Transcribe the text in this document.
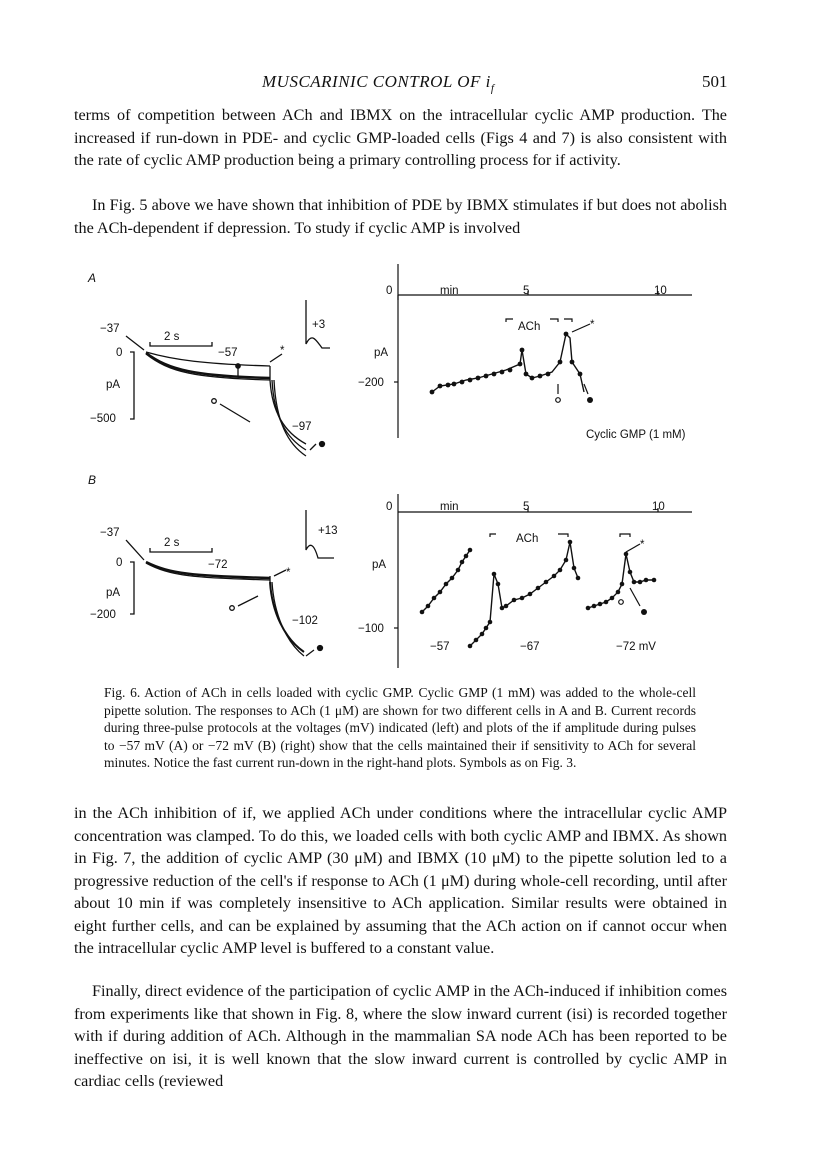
MUSCARINIC CONTROL OF $i_f$	501

terms of competition between ACh and IBMX on the intracellular cyclic AMP production. The increased if run-down in PDE- and cyclic GMP-loaded cells (Figs 4 and 7) is also consistent with the rate of cyclic AMP production being a primary controlling process for if activity.

In Fig. 5 above we have shown that inhibition of PDE by IBMX stimulates if but does not abolish the ACh-dependent if depression. To study if cyclic AMP is involved

A
−37
2 s
−57
0
pA
−500
+3
−97
*
0	min	5	10
pA
−200
ACh	*
Cyclic GMP (1 mM)
B
−37
2 s
−72
0
pA
−200
+13
−102
*
0	min	5	10
pA
−100
ACh	*
−57	−67	−72 mV

Fig. 6. Action of ACh in cells loaded with cyclic GMP. Cyclic GMP (1 mM) was added to the whole-cell pipette solution. The responses to ACh (1 μM) are shown for two different cells in A and B. Current records during three-pulse protocols at the voltages (mV) indicated (left) and plots of the if amplitude during pulses to −57 mV (A) or −72 mV (B) (right) show that the cells maintained their if sensitivity to ACh for several minutes. Notice the fast current run-down in the right-hand plots. Symbols as on Fig. 3.

in the ACh inhibition of if, we applied ACh under conditions where the intracellular cyclic AMP concentration was clamped. To do this, we loaded cells with both cyclic AMP and IBMX. As shown in Fig. 7, the addition of cyclic AMP (30 μM) and IBMX (10 μM) to the pipette solution led to a progressive reduction of the cell's if response to ACh (1 μM) during whole-cell recording, until after about 10 min if was completely insensitive to ACh application. Similar results were obtained in eight further cells, and can be explained by assuming that the ACh action on if cannot occur when the intracellular cyclic AMP level is buffered to a constant value.

Finally, direct evidence of the participation of cyclic AMP in the ACh-induced if inhibition comes from experiments like that shown in Fig. 8, where the slow inward current (isi) is recorded together with if during addition of ACh. Although in the mammalian SA node ACh has been reported to be ineffective on isi, it is well known that the slow inward current is controlled by cyclic AMP in cardiac cells (reviewed
